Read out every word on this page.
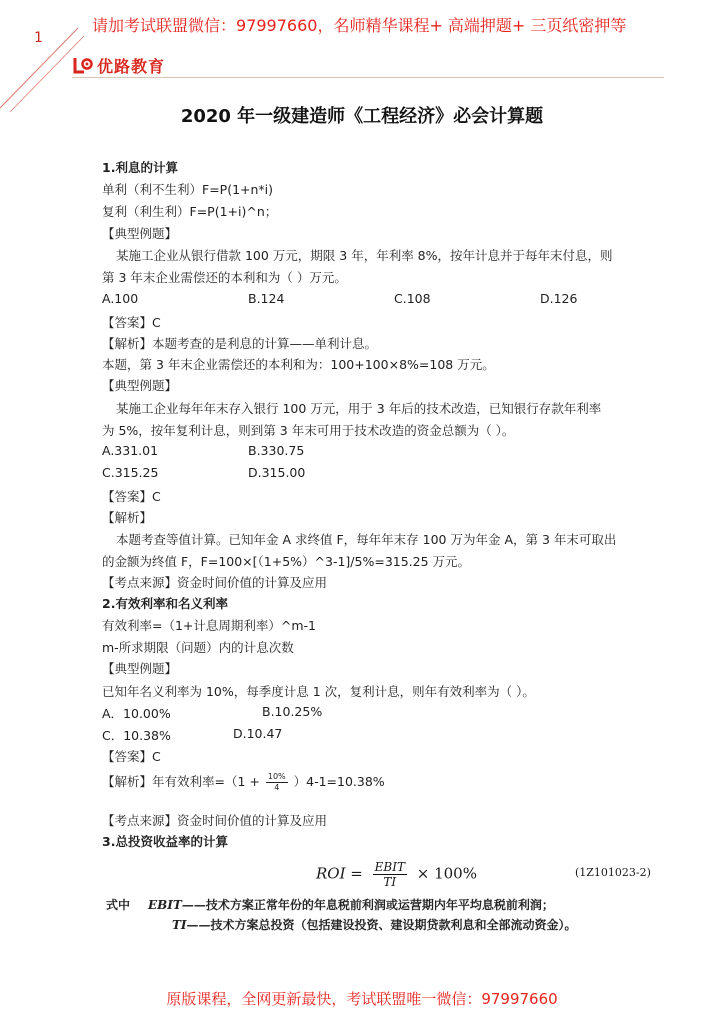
请加考试联盟微信：97997660，名师精华课程+ 高端押题+ 三页纸密押等
1
优路教育
2020 年一级建造师《工程经济》必会计算题
1.利息的计算
单利（利不生利）F=P(1+n*i)
复利（利生利）F=P(1+i)^n；
【典型例题】
某施工企业从银行借款 100 万元，期限 3 年，年利率 8%，按年计息并于每年末付息，则
第 3 年末企业需偿还的本利和为（ ）万元。
A.100	B.124	C.108	D.126
【答案】C
【解析】本题考查的是利息的计算——单利计息。
本题，第 3 年末企业需偿还的本利和为：100+100×8%=108 万元。
【典型例题】
某施工企业每年年末存入银行 100 万元，用于 3 年后的技术改造，已知银行存款年利率
为 5%，按年复利计息，则到第 3 年末可用于技术改造的资金总额为（ ）。
A.331.01	B.330.75
C.315.25	D.315.00
【答案】C
【解析】
本题考查等值计算。已知年金 A 求终值 F，每年年末存 100 万为年金 A，第 3 年末可取出
的金额为终值 F，F=100×[（1+5%）^3-1]/5%=315.25 万元。
【考点来源】资金时间价值的计算及应用
2.有效利率和名义利率
有效利率=（1+计息周期利率）^m-1
m-所求期限（问题）内的计息次数
【典型例题】
已知年名义利率为 10%，每季度计息 1 次，复利计息，则年有效利率为（ ）。
A．10.00%	B.10.25%
C．10.38%	D.10.47
【答案】C
【解析】年有效利率$=(1 + \frac{10\%}{4} )4-1=10.38\%$
【考点来源】资金时间价值的计算及应用
3.总投资收益率的计算
ROI = EBIT
TI × 100%	(1Z101023-2)
式中 EBIT——技术方案正常年份的年息税前利润或运营期内年平均息税前利润；
TI——技术方案总投资（包括建设投资、建设期贷款利息和全部流动资金）。
原版课程，全网更新最快，考试联盟唯一微信：97997660
